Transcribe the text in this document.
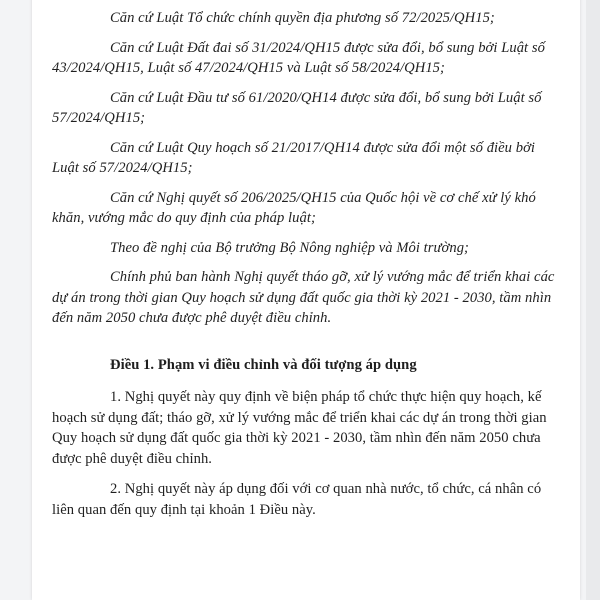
Căn cứ Luật Tổ chức chính quyền địa phương số 72/2025/QH15;

Căn cứ Luật Đất đai số 31/2024/QH15 được sửa đổi, bổ sung bởi Luật số 43/2024/QH15, Luật số 47/2024/QH15 và Luật số 58/2024/QH15;

Căn cứ Luật Đầu tư số 61/2020/QH14 được sửa đổi, bổ sung bởi Luật số 57/2024/QH15;

Căn cứ Luật Quy hoạch số 21/2017/QH14 được sửa đổi một số điều bởi Luật số 57/2024/QH15;

Căn cứ Nghị quyết số 206/2025/QH15 của Quốc hội về cơ chế xử lý khó khăn, vướng mắc do quy định của pháp luật;

Theo đề nghị của Bộ trưởng Bộ Nông nghiệp và Môi trường;

Chính phủ ban hành Nghị quyết tháo gỡ, xử lý vướng mắc để triển khai các dự án trong thời gian Quy hoạch sử dụng đất quốc gia thời kỳ 2021 - 2030, tầm nhìn đến năm 2050 chưa được phê duyệt điều chỉnh.

Điều 1. Phạm vi điều chỉnh và đối tượng áp dụng

1. Nghị quyết này quy định về biện pháp tổ chức thực hiện quy hoạch, kế hoạch sử dụng đất; tháo gỡ, xử lý vướng mắc để triển khai các dự án trong thời gian Quy hoạch sử dụng đất quốc gia thời kỳ 2021 - 2030, tầm nhìn đến năm 2050 chưa được phê duyệt điều chỉnh.

2. Nghị quyết này áp dụng đối với cơ quan nhà nước, tổ chức, cá nhân có liên quan đến quy định tại khoản 1 Điều này.
